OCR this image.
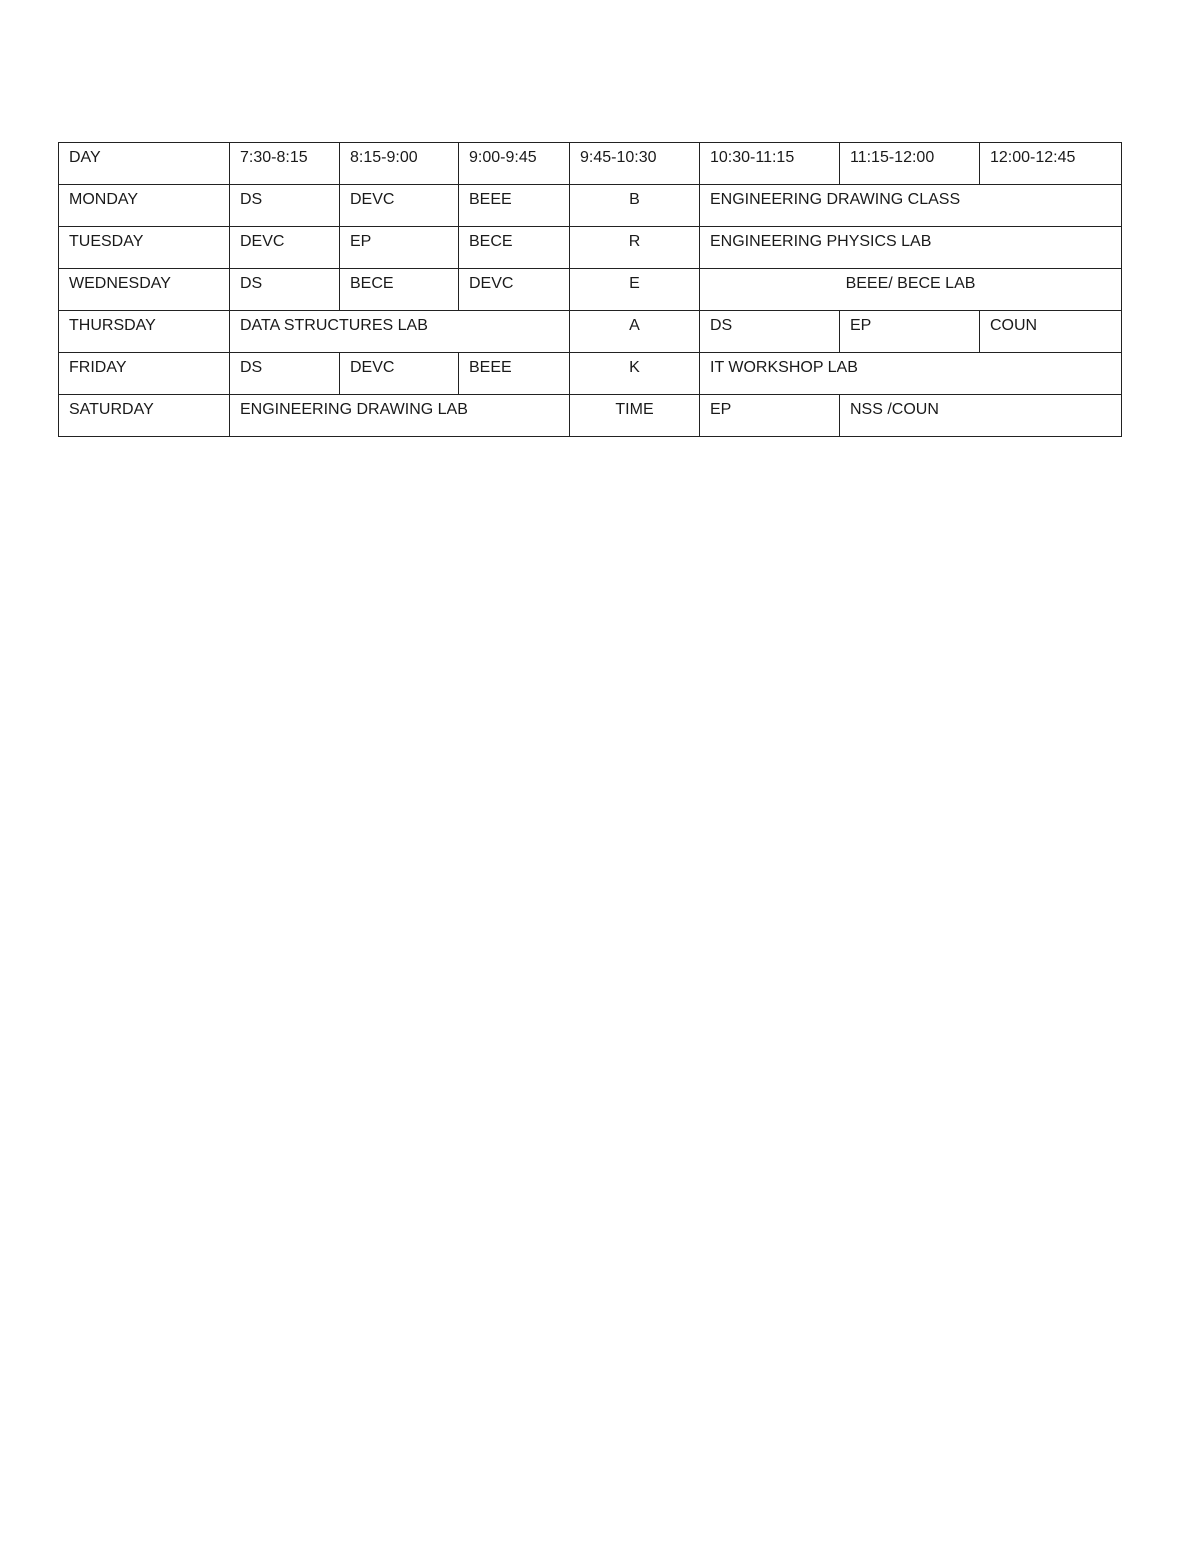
DAY	7:30-8:15	8:15-9:00	9:00-9:45	9:45-10:30	10:30-11:15	11:15-12:00	12:00-12:45
MONDAY	DS	DEVC	BEEE	B	ENGINEERING DRAWING CLASS		
TUESDAY	DEVC	EP	BECE	R	ENGINEERING PHYSICS LAB		
WEDNESDAY	DS	BECE	DEVC	E	BEEE/ BECE LAB		
THURSDAY	DATA STRUCTURES LAB			A	DS	EP	COUN
FRIDAY	DS	DEVC	BEEE	K	IT WORKSHOP LAB		
SATURDAY	ENGINEERING DRAWING LAB			TIME	EP	NSS /COUN	
